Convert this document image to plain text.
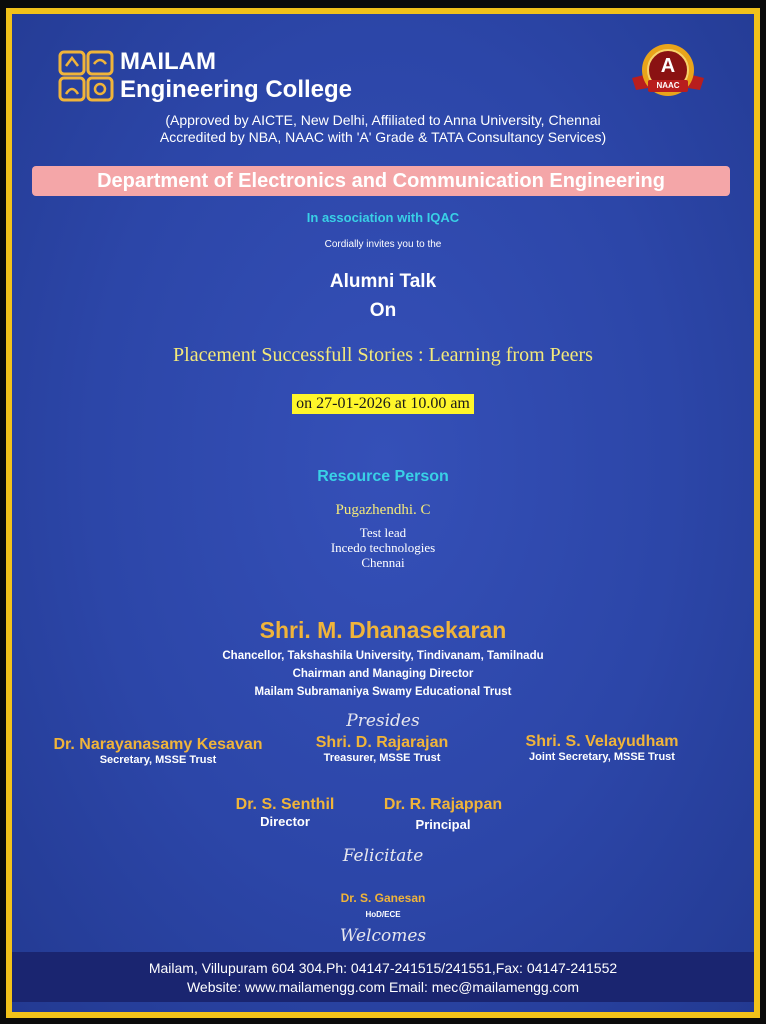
MAILAM
Engineering College
(Approved by AICTE, New Delhi, Affiliated to Anna University, Chennai
Accredited by NBA, NAAC with 'A' Grade & TATA Consultancy Services)
A
NAAC
Department of Electronics and Communication Engineering
In association with IQAC
Cordially invites you to the
Alumni Talk
On
Placement Successfull Stories : Learning from Peers
on 27-01-2026 at 10.00 am
Resource Person
Pugazhendhi. C
Test lead
Incedo technologies
Chennai
Shri. M. Dhanasekaran
Chancellor, Takshashila University, Tindivanam, Tamilnadu
Chairman and Managing Director
Mailam Subramaniya Swamy Educational Trust
Presides
Dr. Narayanasamy Kesavan
Secretary, MSSE Trust
Shri. D. Rajarajan
Treasurer, MSSE Trust
Shri. S. Velayudham
Joint Secretary, MSSE Trust
Dr. S. Senthil
Director
Dr. R. Rajappan
Principal
Felicitate
Dr. S. Ganesan
HoD/ECE
Welcomes
Mailam, Villupuram 604 304.Ph: 04147-241515/241551,Fax: 04147-241552
Website: www.mailamengg.com Email: mec@mailamengg.com
